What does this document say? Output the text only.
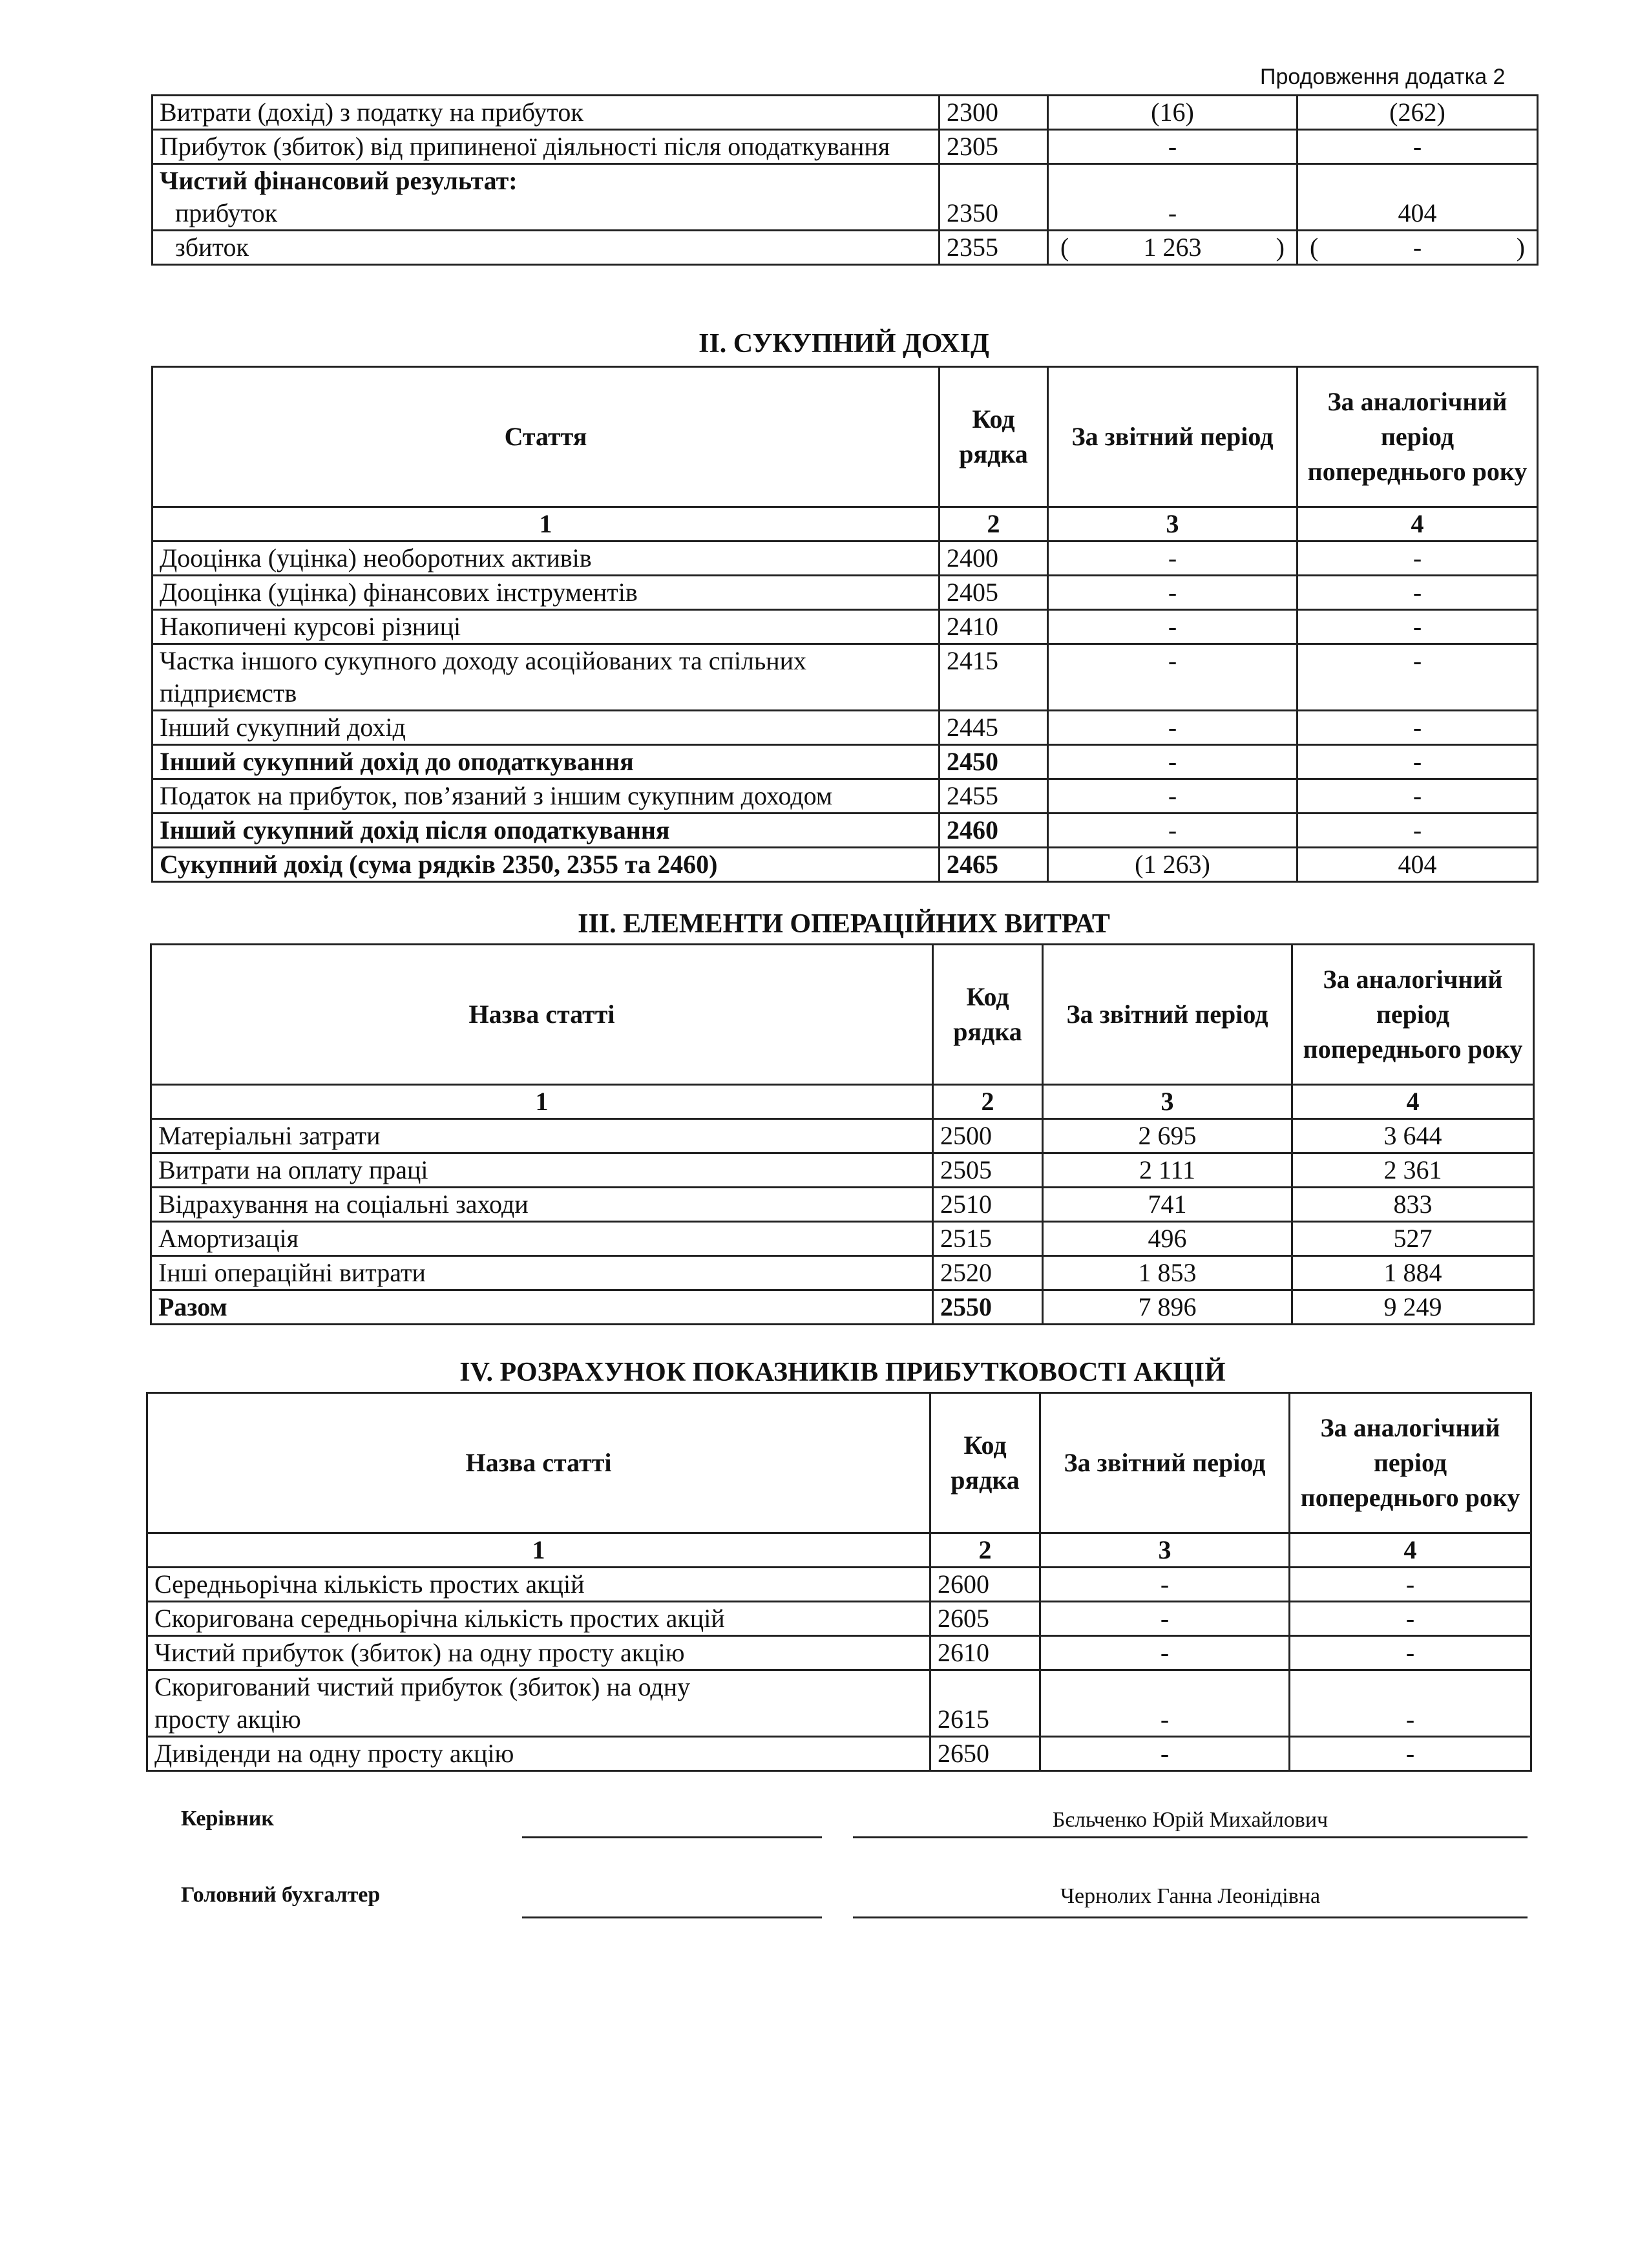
Продовження додатка 2
Витрати (дохід) з податку на прибуток	2300	(16)	(262)
Прибуток (збиток) від припиненої діяльності після оподаткування	2305	-	-

Чистий фінансовий результат:
прибуток	2350	-	404
збиток	2355	( 1 263 )	( - )
ІІ. СУКУПНИЙ ДОХІД
Стаття	Код рядка	За звітний період	За аналогічний період попереднього року
1	2	3	4
Дооцінка (уцінка) необоротних активів	2400	-	-
Дооцінка (уцінка) фінансових інструментів	2405	-	-
Накопичені курсові різниці	2410	-	-
Частка іншого сукупного доходу асоційованих та спільних підприємств	2415	-	-
Інший сукупний дохід	2445	-	-
Інший сукупний дохід до оподаткування	2450	-	-
Податок на прибуток, пов’язаний з іншим сукупним доходом	2455	-	-
Інший сукупний дохід після оподаткування	2460	-	-
Сукупний дохід (сума рядків 2350, 2355 та 2460)	2465	(1 263)	404
ІІІ. ЕЛЕМЕНТИ ОПЕРАЦІЙНИХ ВИТРАТ
Назва статті	Код рядка	За звітний період	За аналогічний період попереднього року
1	2	3	4
Матеріальні затрати	2500	2 695	3 644
Витрати на оплату праці	2505	2 111	2 361
Відрахування на соціальні заходи	2510	741	833
Амортизація	2515	496	527
Інші операційні витрати	2520	1 853	1 884
Разом	2550	7 896	9 249
IV. РОЗРАХУНОК ПОКАЗНИКІВ ПРИБУТКОВОСТІ АКЦІЙ
Назва статті	Код рядка	За звітний період	За аналогічний період попереднього року
1	2	3	4
Середньорічна кількість простих акцій	2600	-	-
Скоригована середньорічна кількість простих акцій	2605	-	-
Чистий прибуток (збиток) на одну просту акцію	2610	-	-
Скоригований чистий прибуток (збиток) на одну просту акцію	2615	-	-
Дивіденди на одну просту акцію	2650	-	-
Керівник	Бєльченко Юрій Михайлович
Головний бухгалтер	Чернолих Ганна Леонідівна
